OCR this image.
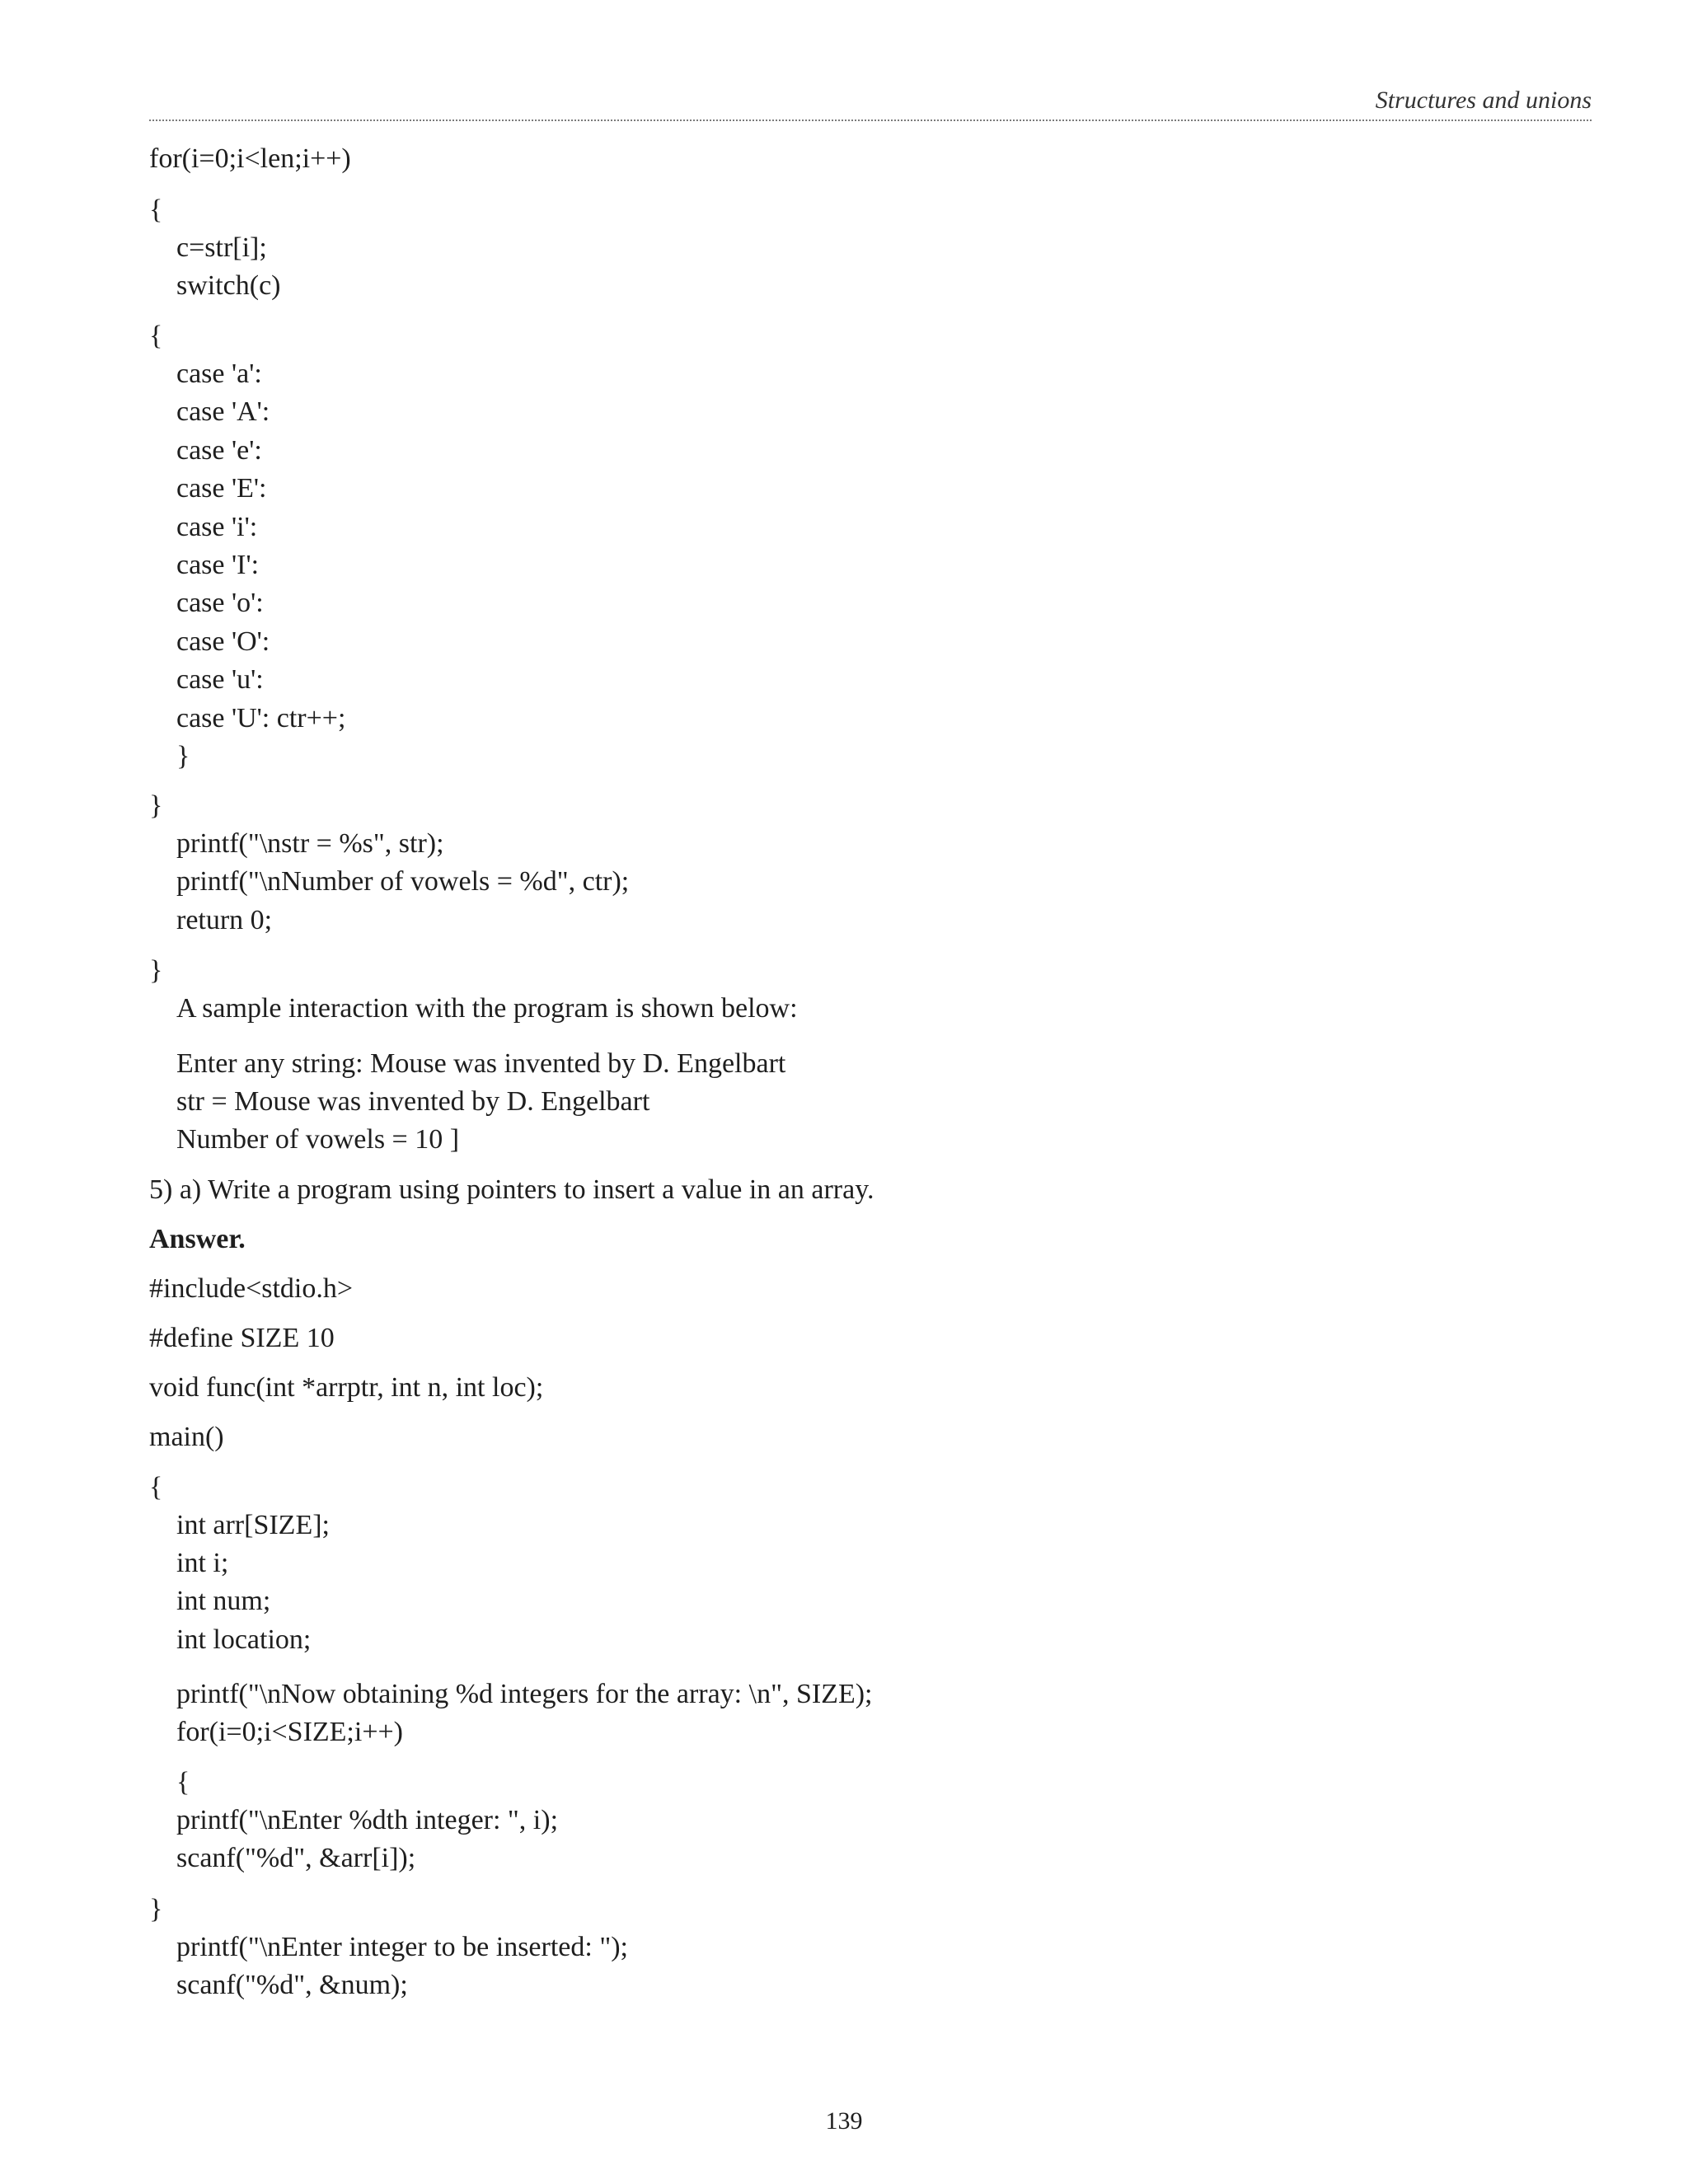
Structures and unions
for(i=0;i<len;i++)
{
c=str[i];
switch(c)
{
case 'a':
case 'A':
case 'e':
case 'E':
case 'i':
case 'I':
case 'o':
case 'O':
case 'u':
case 'U': ctr++;
}
}
printf("\nstr = %s", str);
printf("\nNumber of vowels = %d", ctr);
return 0;
}
A sample interaction with the program is shown below:
Enter any string: Mouse was invented by D. Engelbart
str = Mouse was invented by D. Engelbart
Number of vowels = 10 ]
5) a) Write a program using pointers to insert a value in an array.
Answer.
#include<stdio.h>
#define SIZE 10
void func(int *arrptr, int n, int loc);
main()
{
int arr[SIZE];
int i;
int num;
int location;
printf("\nNow obtaining %d integers for the array: \n", SIZE);
for(i=0;i<SIZE;i++)
{
printf("\nEnter %dth integer: ", i);
scanf("%d", &arr[i]);
}
printf("\nEnter integer to be inserted: ");
scanf("%d", &num);
139
